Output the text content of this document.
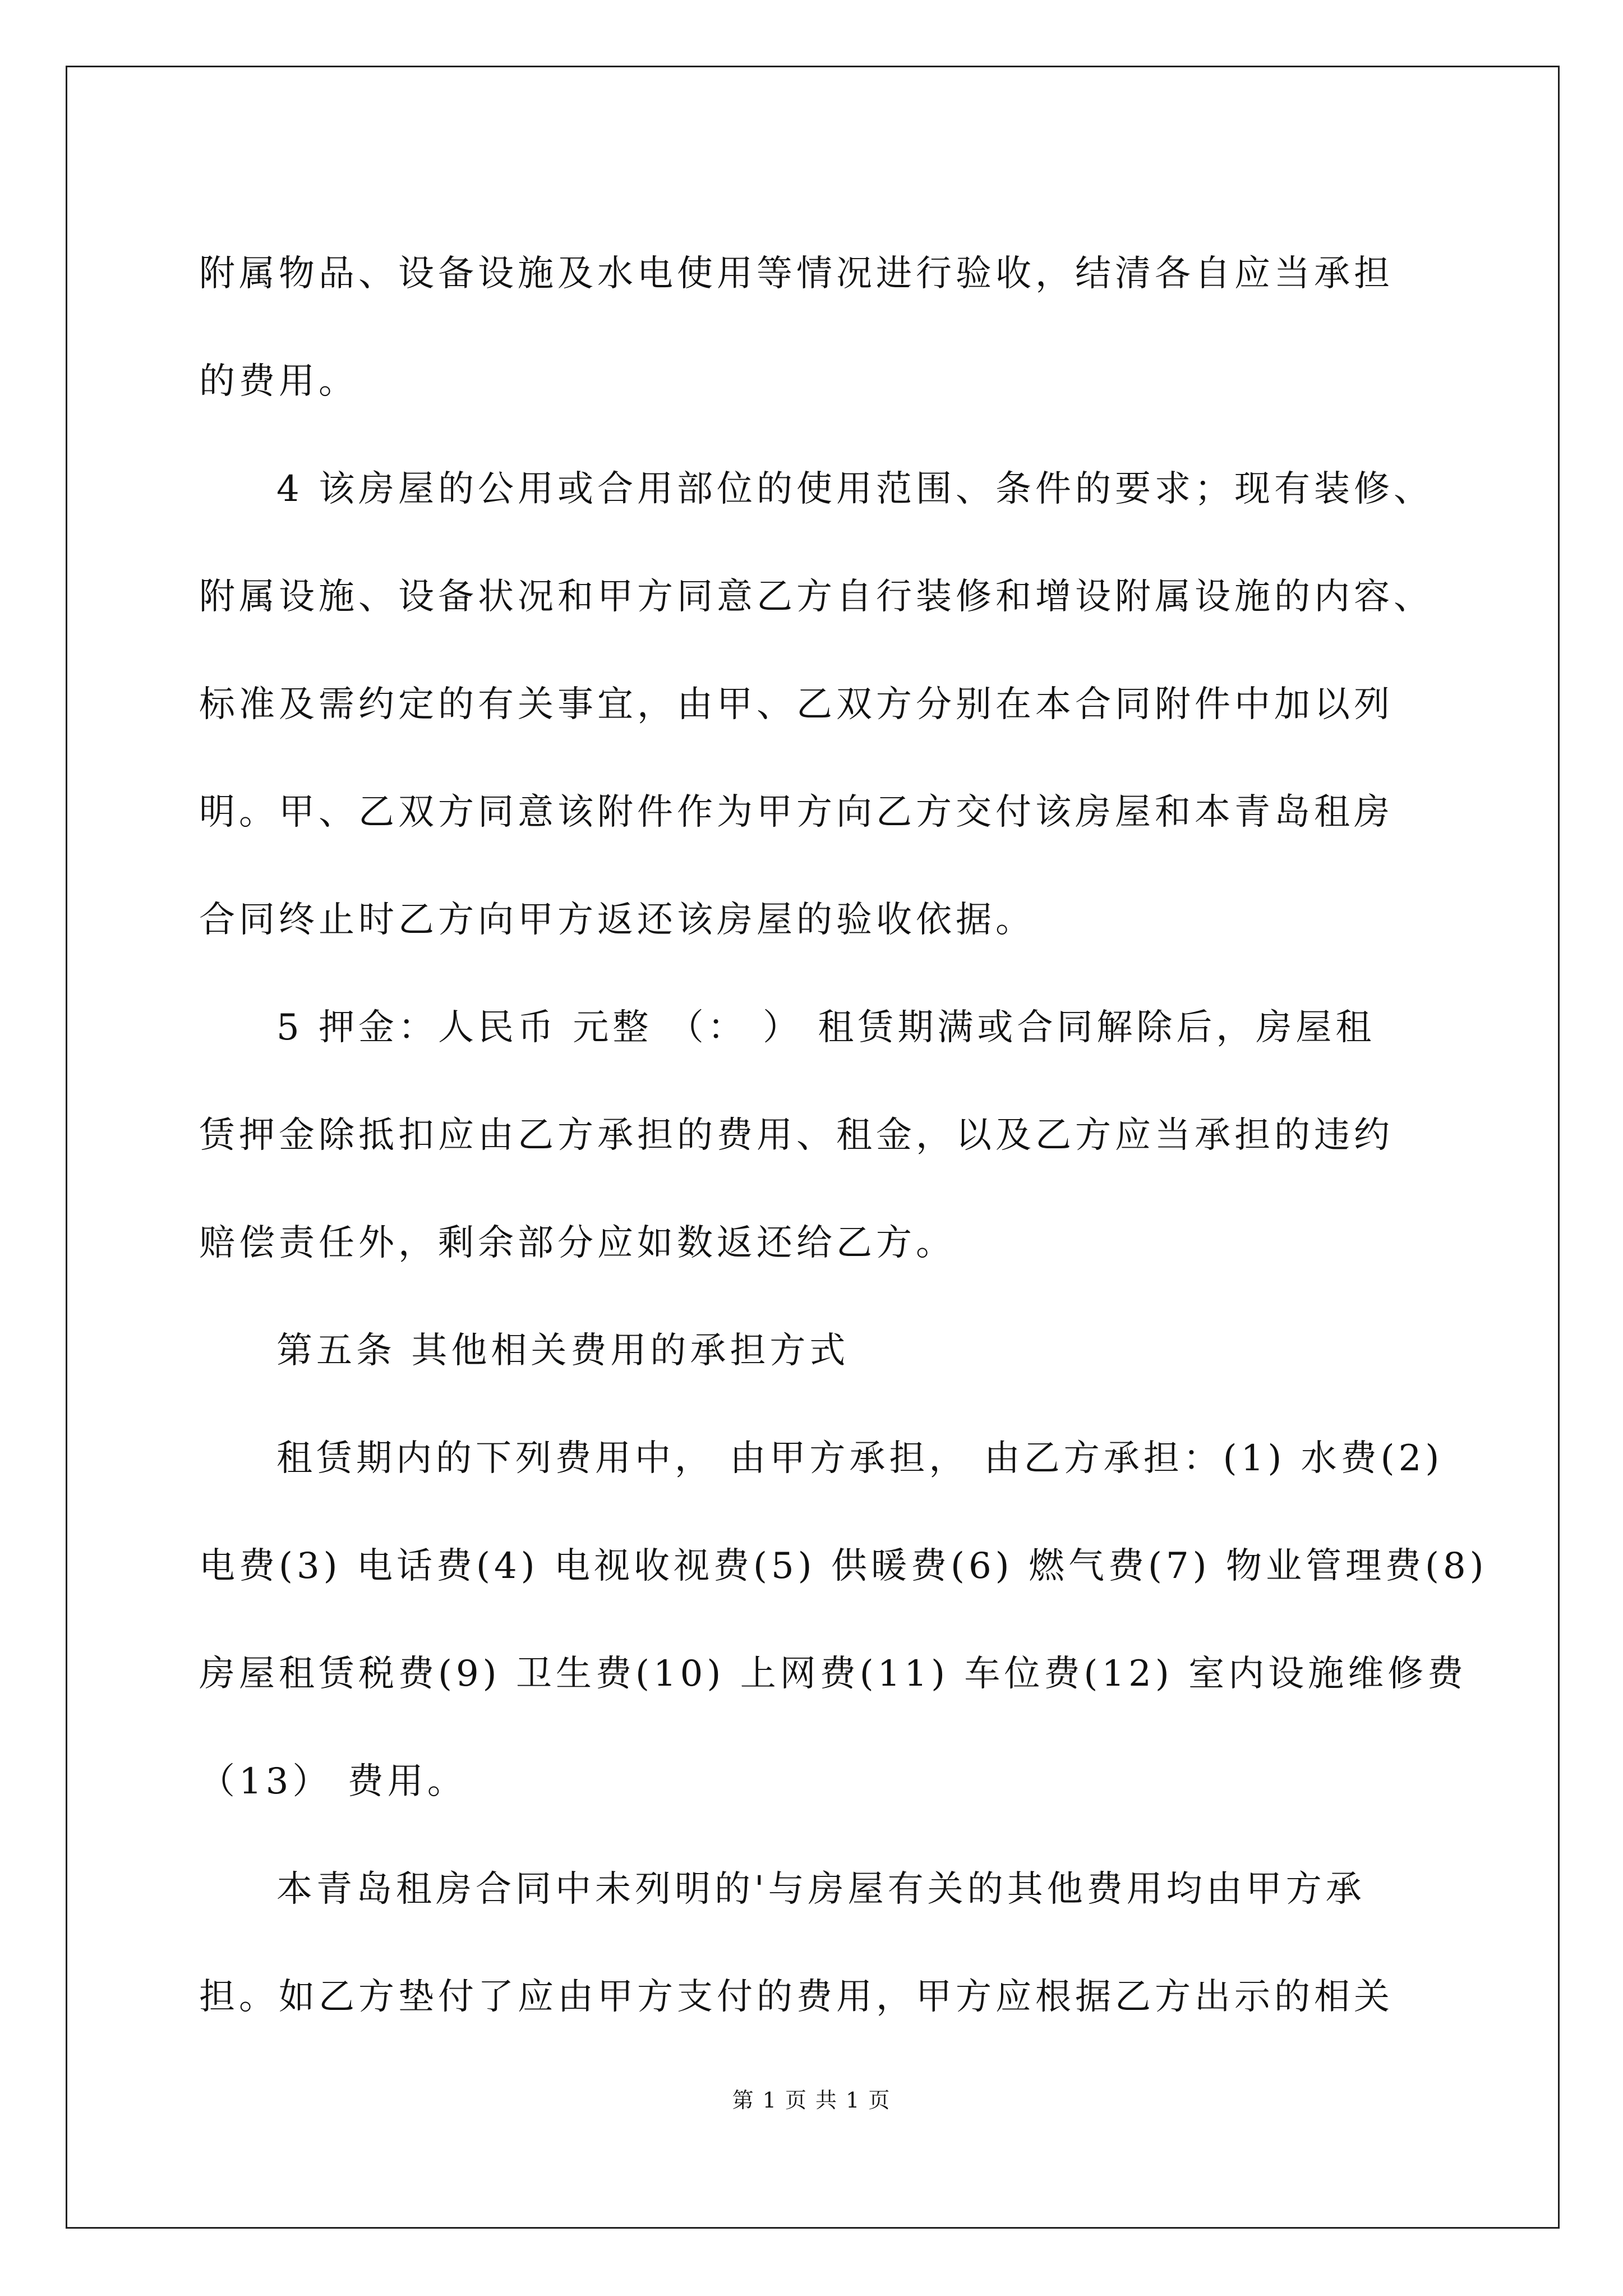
附属物品、设备设施及水电使用等情况进行验收，结清各自应当承担
的费用。
4 该房屋的公用或合用部位的使用范围、条件的要求；现有装修、
附属设施、设备状况和甲方同意乙方自行装修和增设附属设施的内容、
标准及需约定的有关事宜，由甲、乙双方分别在本合同附件中加以列
明。甲、乙双方同意该附件作为甲方向乙方交付该房屋和本青岛租房
合同终止时乙方向甲方返还该房屋的验收依据。
5 押金：人民币 元整 （： ） 租赁期满或合同解除后，房屋租
赁押金除抵扣应由乙方承担的费用、租金，以及乙方应当承担的违约
赔偿责任外，剩余部分应如数返还给乙方。
第五条 其他相关费用的承担方式
租赁期内的下列费用中， 由甲方承担， 由乙方承担：(1) 水费(2)
电费(3) 电话费(4) 电视收视费(5) 供暖费(6) 燃气费(7) 物业管理费(8)
房屋租赁税费(9) 卫生费(10) 上网费(11) 车位费(12) 室内设施维修费
（13） 费用。
本青岛租房合同中未列明的'与房屋有关的其他费用均由甲方承
担。如乙方垫付了应由甲方支付的费用，甲方应根据乙方出示的相关
第 1 页 共 1 页
